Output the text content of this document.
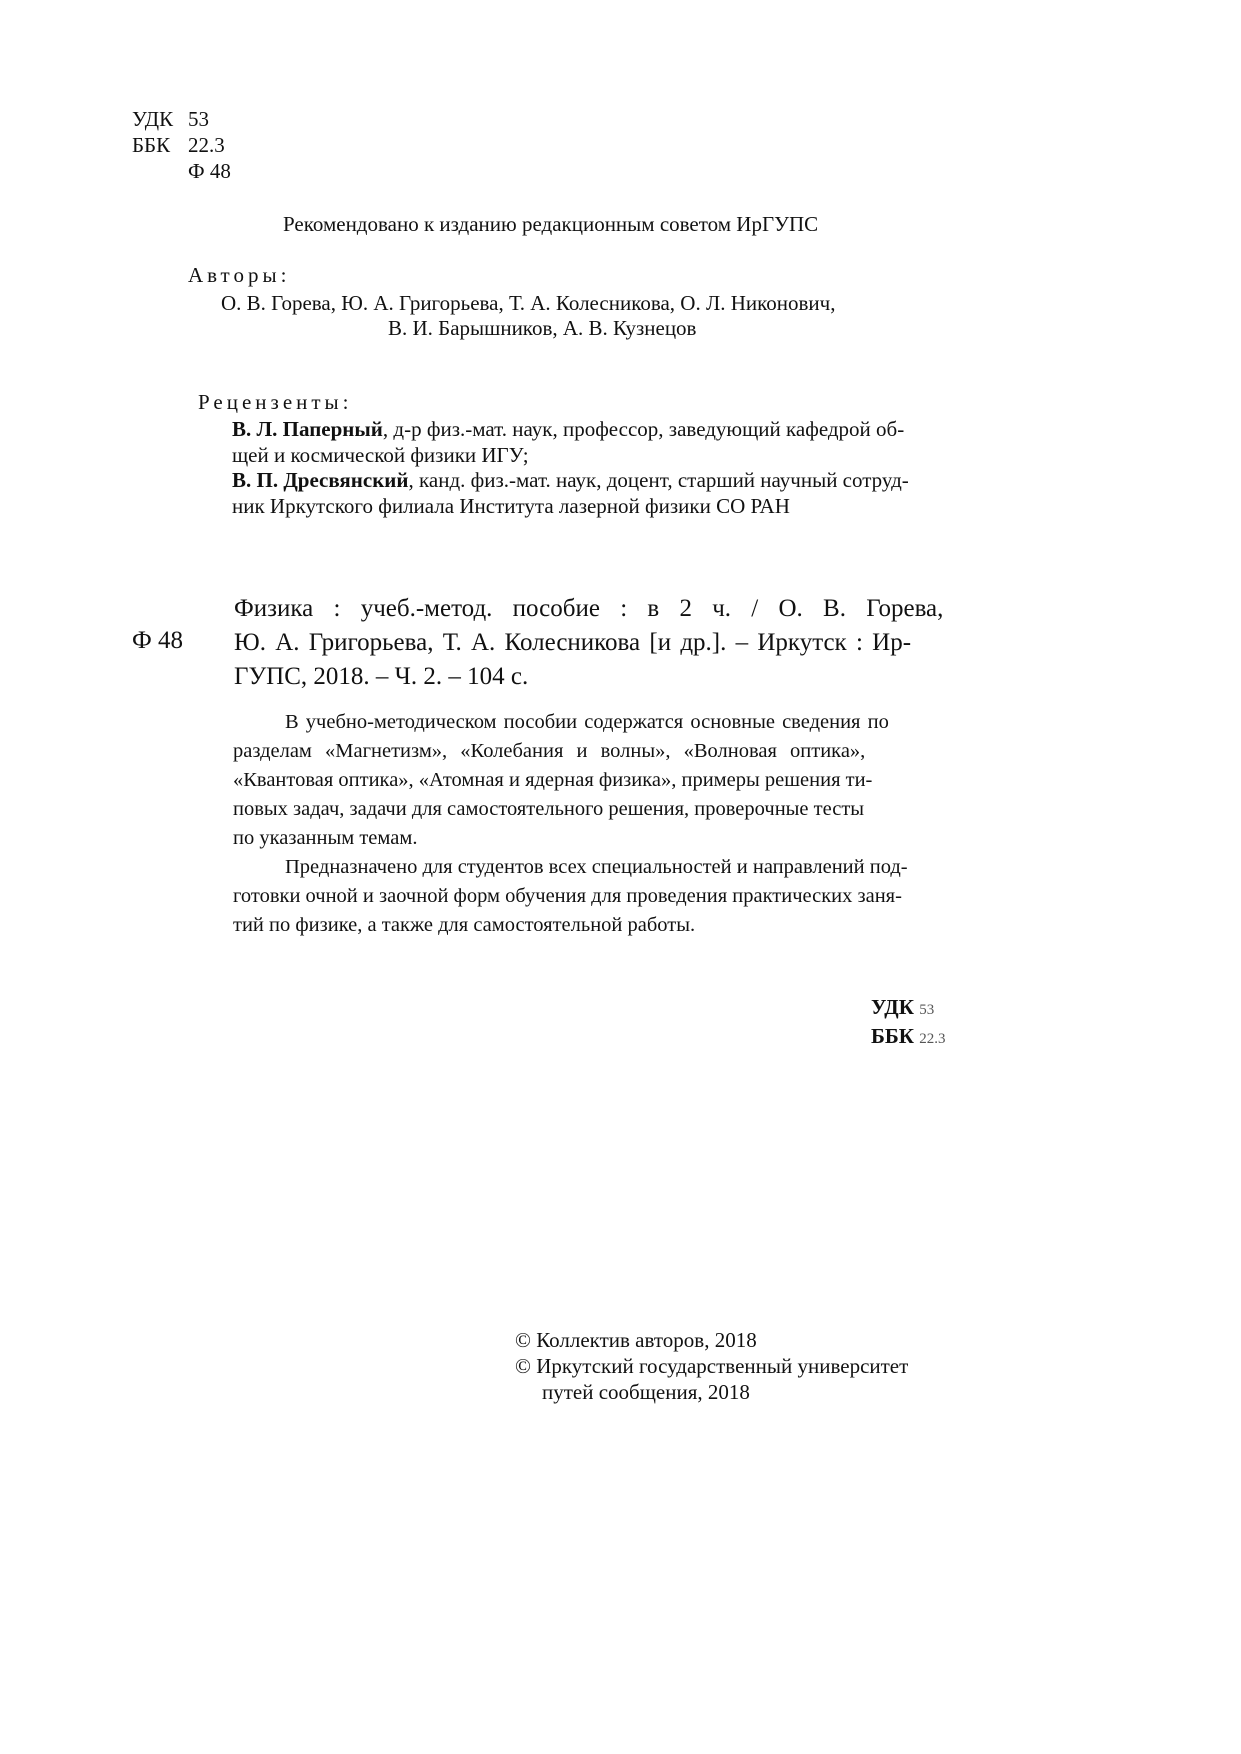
УДК 53
ББК 22.3
Ф 48
Рекомендовано к изданию редакционным советом ИрГУПС
Авторы:
О. В. Горева, Ю. А. Григорьева, Т. А. Колесникова, О. Л. Никонович,
В. И. Барышников, А. В. Кузнецов
Рецензенты:
В. Л. Паперный, д-р физ.-мат. наук, профессор, заведующий кафедрой об-
щей и космической физики ИГУ;
В. П. Дресвянский, канд. физ.-мат. наук, доцент, старший научный сотруд-
ник Иркутского филиала Института лазерной физики СО РАН
Ф 48
Физика : учеб.-метод. пособие : в 2 ч. / О. В. Горева,
Ю. А. Григорьева, Т. А. Колесникова [и др.]. – Иркутск : Ир-
ГУПС, 2018. – Ч. 2. – 104 с.
В учебно-методическом пособии содержатся основные сведения по
разделам «Магнетизм», «Колебания и волны», «Волновая оптика»,
«Квантовая оптика», «Атомная и ядерная физика», примеры решения ти-
повых задач, задачи для самостоятельного решения, проверочные тесты
по указанным темам.
Предназначено для студентов всех специальностей и направлений под-
готовки очной и заочной форм обучения для проведения практических заня-
тий по физике, а также для самостоятельной работы.
УДК 53
ББК 22.3
© Коллектив авторов, 2018
© Иркутский государственный университет
путей сообщения, 2018
